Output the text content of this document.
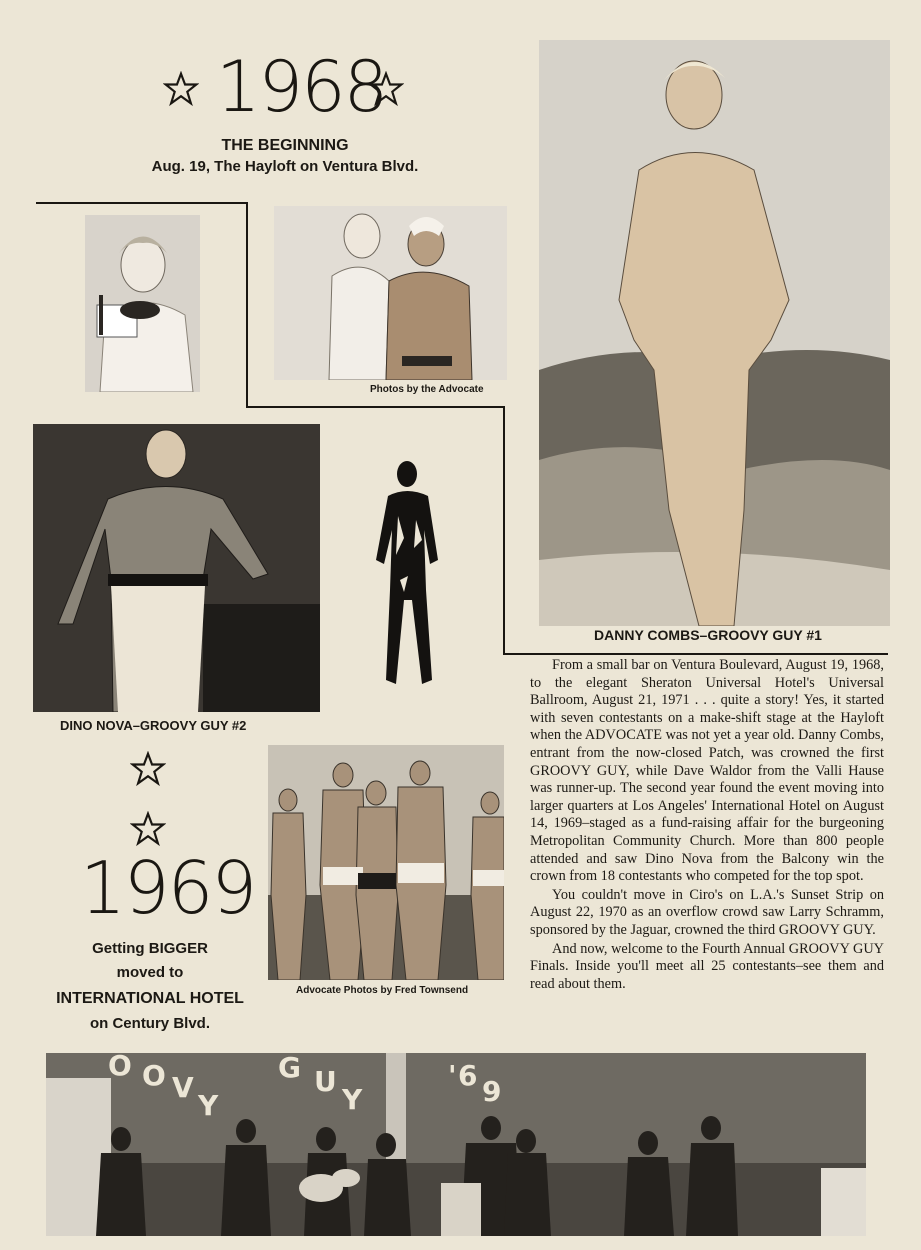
1968
THE BEGINNING
Aug. 19, The Hayloft on Ventura Blvd.
Photos by the Advocate
DANNY COMBS–GROOVY GUY #1
DINO NOVA–GROOVY GUY #2
1969
Getting BIGGER
moved to
INTERNATIONAL HOTEL
on Century Blvd.
Advocate Photos by Fred Townsend

From a small bar on Ventura Boulevard, August 19, 1968, to the elegant Sheraton Universal Hotel's Universal Ballroom, August 21, 1971 . . . quite a story! Yes, it started with seven contestants on a make-shift stage at the Hayloft when the ADVOCATE was not yet a year old. Danny Combs, entrant from the now-closed Patch, was crowned the first GROOVY GUY, while Dave Waldor from the Valli Hause was runner-up. The second year found the event moving into larger quarters at Los Angeles' International Hotel on August 14, 1969–staged as a fund-raising affair for the burgeoning Metropolitan Community Church. More than 800 people attended and saw Dino Nova from the Balcony win the crown from 18 contestants who competed for the top spot.

You couldn't move in Ciro's on L.A.'s Sunset Strip on August 22, 1970 as an overflow crowd saw Larry Schramm, sponsored by the Jaguar, crowned the third GROOVY GUY.

And now, welcome to the Fourth Annual GROOVY GUY Finals. Inside you'll meet all 25 contestants–see them and read about them.

O O V
Y
G U
Y
' 6 9
